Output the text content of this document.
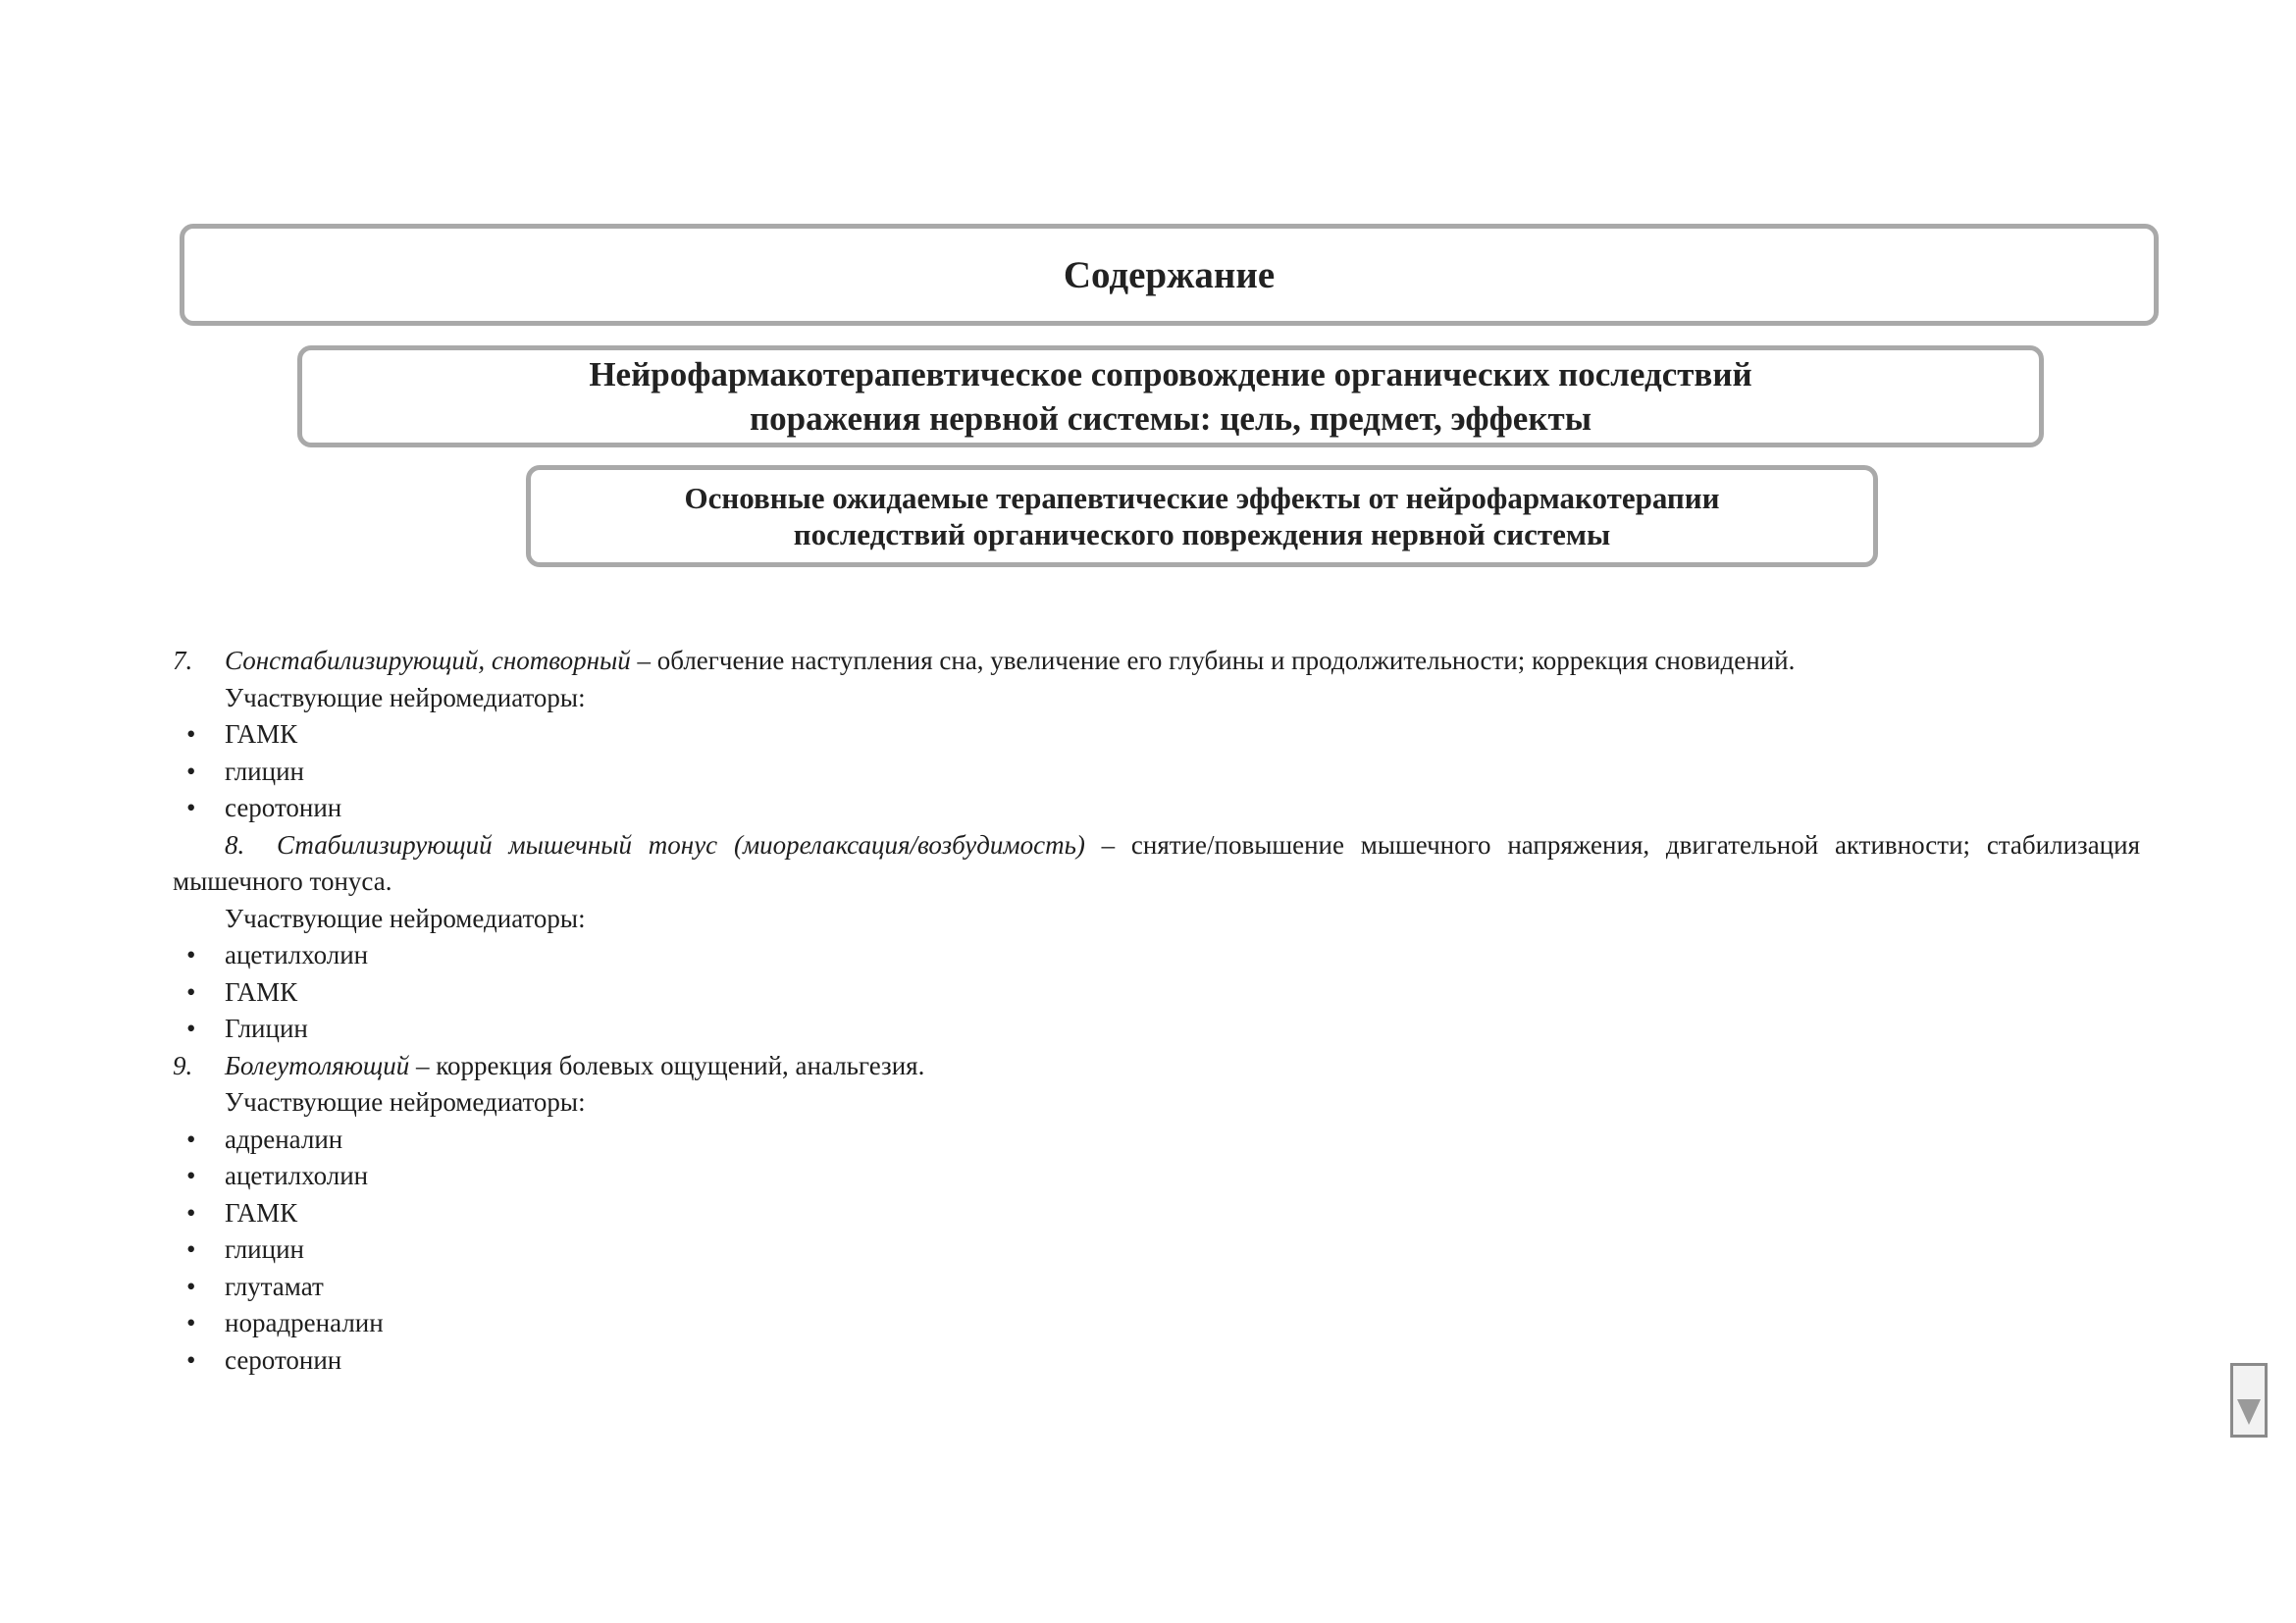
Содержание
Нейрофармакотерапевтическое сопровождение органических последствий
поражения нервной системы: цель, предмет, эффекты
Основные ожидаемые терапевтические эффекты от нейрофармакотерапии
последствий органического повреждения нервной системы
7. Сонстабилизирующий, снотворный – облегчение наступления сна, увеличение его глубины и продолжительности; коррекция сновидений.
Участвующие нейромедиаторы:
• ГАМК
• глицин
• серотонин
8. Стабилизирующий мышечный тонус (миорелаксация/возбудимость) – снятие/повышение мышечного напряжения, двигательной активности; стабилизация мышечного тонуса.
Участвующие нейромедиаторы:
• ацетилхолин
• ГАМК
• Глицин
9. Болеутоляющий – коррекция болевых ощущений, анальгезия.
Участвующие нейромедиаторы:
• адреналин
• ацетилхолин
• ГАМК
• глицин
• глутамат
• норадреналин
• серотонин
